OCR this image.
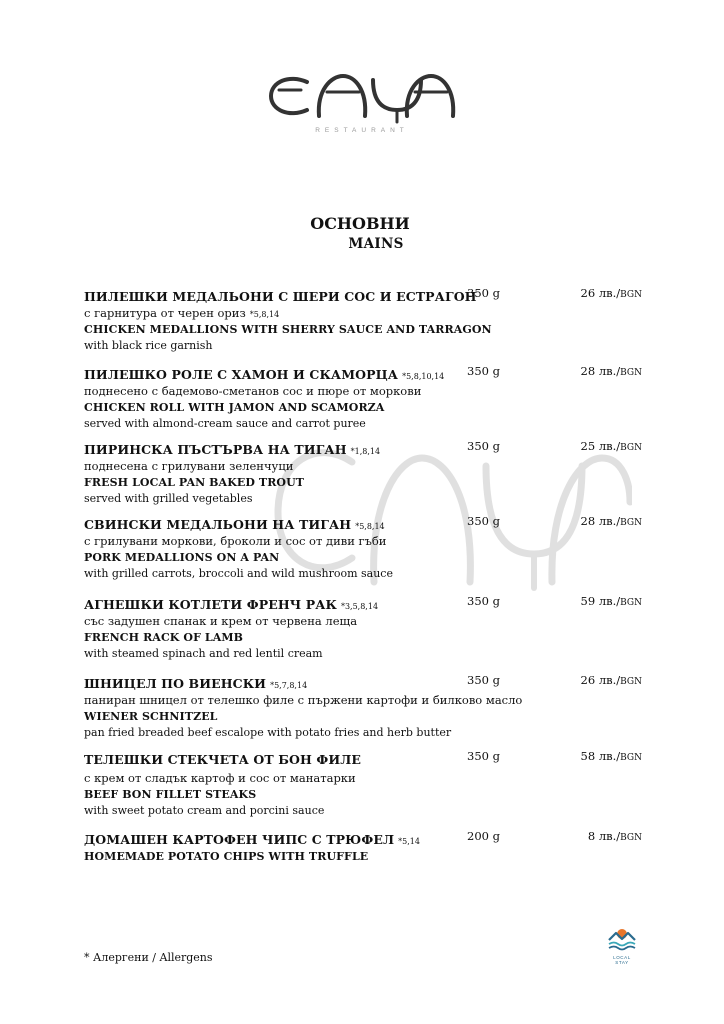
RESTAURANT
ОСНОВНИ
MAINS
ПИЛЕШКИ МЕДАЛЬОНИ С ШЕРИ СОС И ЕСТРАГОН
350 g	26 лв./BGN
с гарнитура от черен ориз *5,8,14
CHICKEN MEDALLIONS WITH SHERRY SAUCE AND TARRAGON
with black rice garnish
ПИЛЕШКО РОЛЕ С ХАМОН И СКАМОРЦА *5,8,10,14 350 g	28 лв./BGN
поднесено с бадемово-сметанов сос и пюре от моркови
CHICKEN ROLL WITH JAMON AND SCAMORZA
served with almond-cream sauce and carrot puree
ПИРИНСКА ПЪСТЪРВА НА ТИГАН *1,8,14	350 g	25 лв./BGN
поднесена с грилувани зеленчуци
FRESH LOCAL PAN BAKED TROUT
served with grilled vegetables
СВИНСКИ МЕДАЛЬОНИ НА ТИГАН *5,8,14	350 g	28 лв./BGN
с грилувани моркови, броколи и сос от диви гъби
PORK MEDALLIONS ON A PAN
with grilled carrots, broccoli and wild mushroom sauce
АГНЕШКИ КОТЛЕТИ ФРЕНЧ РАК *3,5,8,14	350 g	59 лв./BGN
със задушен спанак и крем от червена леща
FRENCH RACK OF LAMB
with steamed spinach and red lentil cream
ШНИЦЕЛ ПО ВИЕНСКИ *5,7,8,14	350 g	26 лв./BGN
паниран шницел от телешко филе с пържени картофи и билково масло
WIENER SCHNITZEL
pan fried breaded beef escalope with potato fries and herb butter
ТЕЛЕШКИ СТЕКЧЕТА ОТ БОН ФИЛЕ	350 g	58 лв./BGN
с крем от сладък картоф и сос от манатарки
BEEF BON FILLET STEAKS
with sweet potato cream and porcini sauce
ДОМАШЕН КАРТОФЕН ЧИПС С ТРЮФЕЛ *5,14	200 g	8 лв./BGN
HOMEMADE POTATO CHIPS WITH TRUFFLE
* Алергени / Allergens	LOCAL
STAY
